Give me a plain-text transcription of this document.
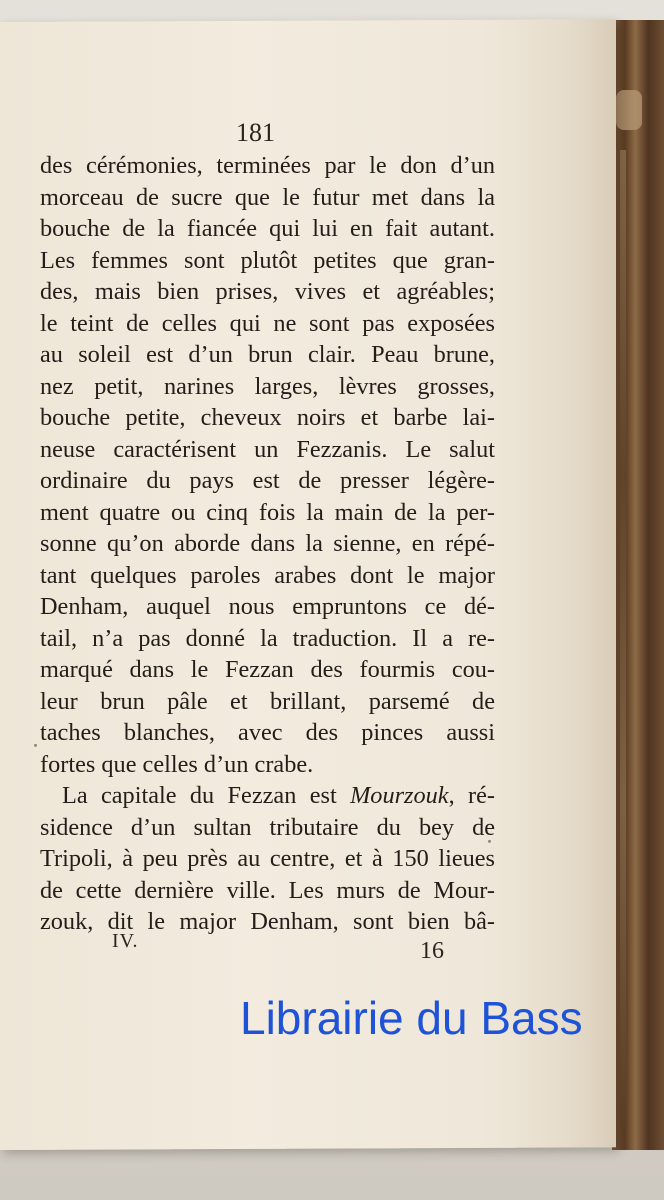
181
des cérémonies, terminées par le don d’un
morceau de sucre que le futur met dans la
bouche de la fiancée qui lui en fait autant.
Les femmes sont plutôt petites que gran-
des, mais bien prises, vives et agréables;
le teint de celles qui ne sont pas exposées
au soleil est d’un brun clair. Peau brune,
nez petit, narines larges, lèvres grosses,
bouche petite, cheveux noirs et barbe lai-
neuse caractérisent un Fezzanis. Le salut
ordinaire du pays est de presser légère-
ment quatre ou cinq fois la main de la per-
sonne qu’on aborde dans la sienne, en répé-
tant quelques paroles arabes dont le major
Denham, auquel nous empruntons ce dé-
tail, n’a pas donné la traduction. Il a re-
marqué dans le Fezzan des fourmis cou-
leur brun pâle et brillant, parsemé de
taches blanches, avec des pinces aussi
fortes que celles d’un crabe.
La capitale du Fezzan est Mourzouk, ré-
sidence d’un sultan tributaire du bey de
Tripoli, à peu près au centre, et à 150 lieues
de cette dernière ville. Les murs de Mour-
zouk, dit le major Denham, sont bien bâ-
IV.	16
Librairie du Bass
